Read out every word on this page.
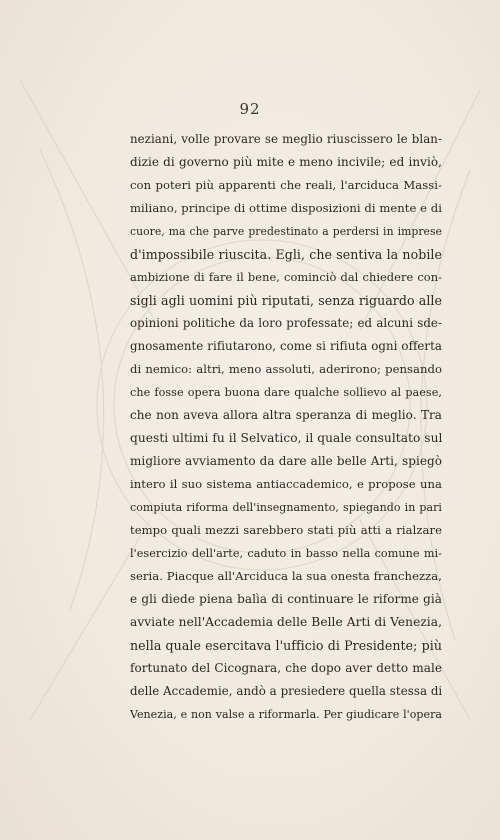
92
neziani, volle provare se meglio riuscissero le blan-
dizie di governo più mite e meno incivile; ed inviò,
con poteri più apparenti che reali, l'arciduca Massi-
miliano, principe di ottime disposizioni di mente e di
cuore, ma che parve predestinato a perdersi in imprese
d'impossibile riuscita. Egli, che sentiva la nobile
ambizione di fare il bene, cominciò dal chiedere con-
sigli agli uomini più riputati, senza riguardo alle
opinioni politiche da loro professate; ed alcuni sde-
gnosamente rifiutarono, come si rifiuta ogni offerta
di nemico: altri, meno assoluti, aderirono; pensando
che fosse opera buona dare qualche sollievo al paese,
che non aveva allora altra speranza di meglio. Tra
questi ultimi fu il Selvatico, il quale consultato sul
migliore avviamento da dare alle belle Arti, spiegò
intero il suo sistema antiaccademico, e propose una
compiuta riforma dell'insegnamento, spiegando in pari
tempo quali mezzi sarebbero stati più atti a rialzare
l'esercizio dell'arte, caduto in basso nella comune mi-
seria. Piacque all'Arciduca la sua onesta franchezza,
e gli diede piena balìa di continuare le riforme già
avviate nell'Accademia delle Belle Arti di Venezia,
nella quale esercitava l'ufficio di Presidente; più
fortunato del Cicognara, che dopo aver detto male
delle Accademie, andò a presiedere quella stessa di
Venezia, e non valse a riformarla. Per giudicare l'opera
